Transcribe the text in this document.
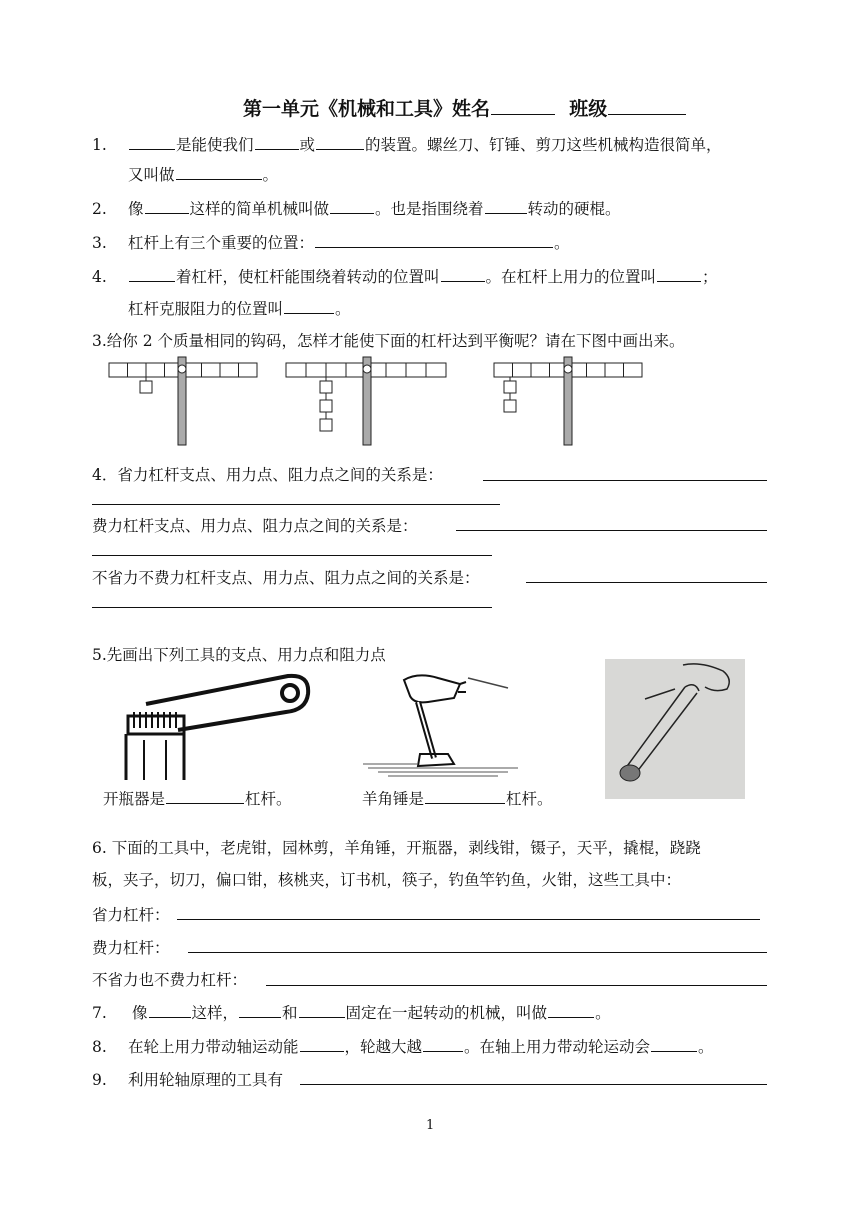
第一单元《机械和工具》姓名	班级
1.	是能使我们	或	的装置。螺丝刀、钉锤、剪刀这些机械构造很简单，
又叫做	。
2. 像	这样的简单机械叫做	。也是指围绕着	转动的硬棍。
3. 杠杆上有三个重要的位置：	。
4.	着杠杆，使杠杆能围绕着转动的位置叫	。在杠杆上用力的位置叫	；
杠杆克服阻力的位置叫	。
3.给你 2 个质量相同的钩码，怎样才能使下面的杠杆达到平衡呢？请在下图中画出来。
4．省力杠杆支点、用力点、阻力点之间的关系是：
费力杠杆支点、用力点、阻力点之间的关系是：
不省力不费力杠杆支点、用力点、阻力点之间的关系是：
5.先画出下列工具的支点、用力点和阻力点
开瓶器是	杠杆。	羊角锤是	杠杆。
6. 下面的工具中，老虎钳，园林剪，羊角锤，开瓶器，剥线钳，镊子，天平，撬棍，跷跷
板，夹子，切刀，偏口钳，核桃夹，订书机，筷子，钓鱼竿钓鱼，火钳，这些工具中：
省力杠杆：
费力杠杆：
不省力也不费力杠杆：
7. 像	这样，	和	固定在一起转动的机械，叫做	。
8. 在轮上用力带动轴运动能	，轮越大越	。在轴上用力带动轮运动会	。
9. 利用轮轴原理的工具有
1
